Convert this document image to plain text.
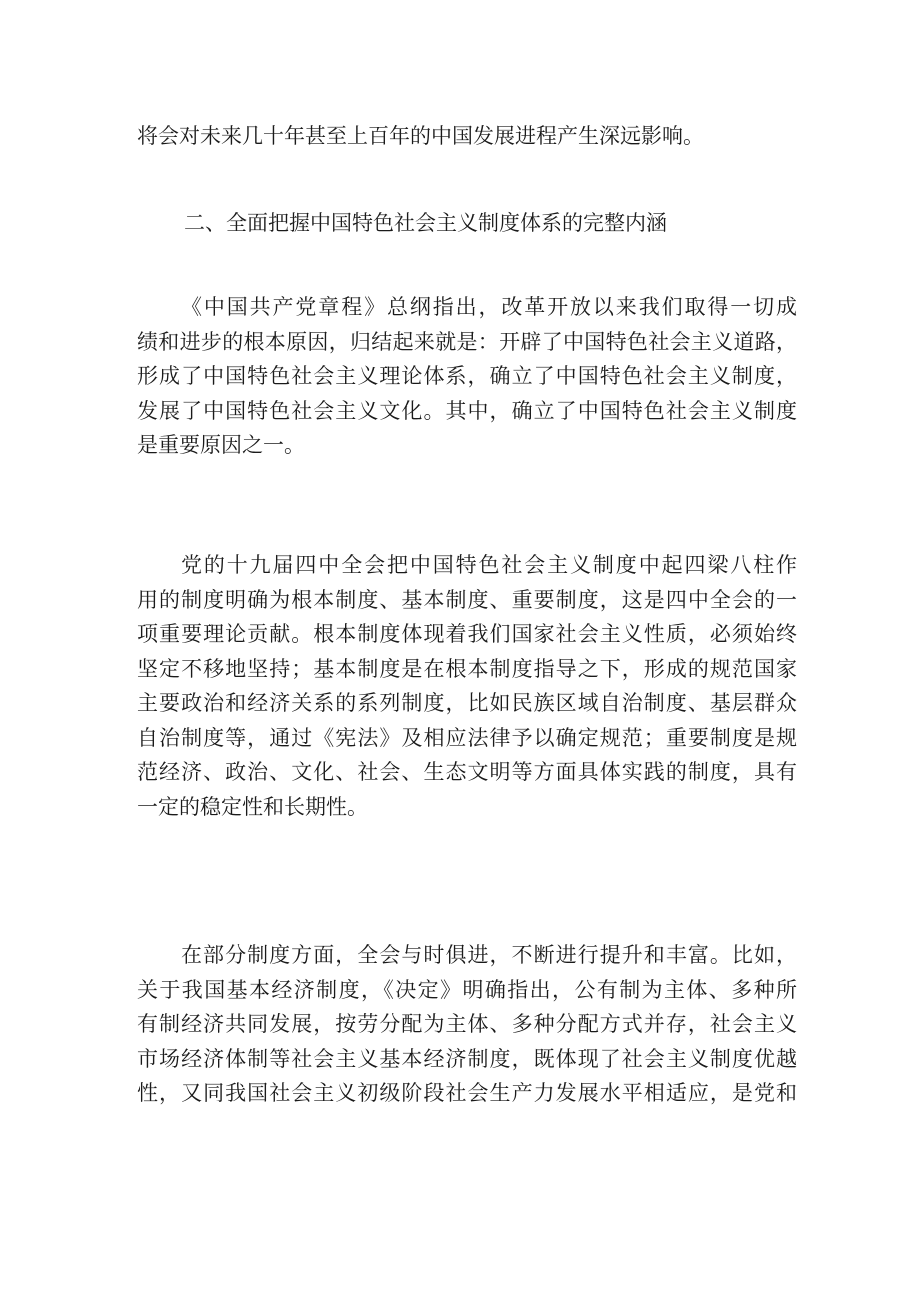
将会对未来几十年甚至上百年的中国发展进程产生深远影响。

二、全面把握中国特色社会主义制度体系的完整内涵

《中国共产党章程》总纲指出，改革开放以来我们取得一切成
绩和进步的根本原因，归结起来就是：开辟了中国特色社会主义道路，
形成了中国特色社会主义理论体系，确立了中国特色社会主义制度，
发展了中国特色社会主义文化。其中，确立了中国特色社会主义制度
是重要原因之一。

党的十九届四中全会把中国特色社会主义制度中起四梁八柱作
用的制度明确为根本制度、基本制度、重要制度，这是四中全会的一
项重要理论贡献。根本制度体现着我们国家社会主义性质，必须始终
坚定不移地坚持；基本制度是在根本制度指导之下，形成的规范国家
主要政治和经济关系的系列制度，比如民族区域自治制度、基层群众
自治制度等，通过《宪法》及相应法律予以确定规范；重要制度是规
范经济、政治、文化、社会、生态文明等方面具体实践的制度，具有
一定的稳定性和长期性。

在部分制度方面，全会与时俱进，不断进行提升和丰富。比如，
关于我国基本经济制度，《决定》明确指出，公有制为主体、多种所
有制经济共同发展，按劳分配为主体、多种分配方式并存，社会主义
市场经济体制等社会主义基本经济制度，既体现了社会主义制度优越
性，又同我国社会主义初级阶段社会生产力发展水平相适应，是党和
